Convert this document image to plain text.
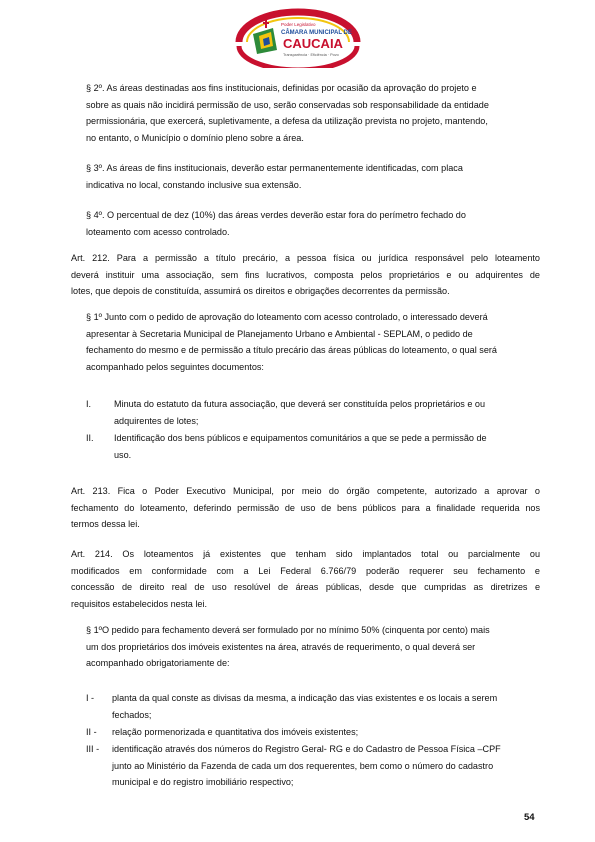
Poder Legislativo
CÂMARA MUNICIPAL DE
CAUCAIA
Transparência · Eficiência · Povo
§ 2º. As áreas destinadas aos fins institucionais, definidas por ocasião da aprovação do projeto e
sobre as quais não incidirá permissão de uso, serão conservadas sob responsabilidade da entidade
permissionária, que exercerá, supletivamente, a defesa da utilização prevista no projeto, mantendo,
no entanto, o Município o domínio pleno sobre a área.
§ 3º. As áreas de fins institucionais, deverão estar permanentemente identificadas, com placa
indicativa no local, constando inclusive sua extensão.
§ 4º. O percentual de dez (10%) das áreas verdes deverão estar fora do perímetro fechado do
loteamento com acesso controlado.
Art. 212. Para a permissão a título precário, a pessoa física ou jurídica responsável pelo loteamento
deverá instituir uma associação, sem fins lucrativos, composta pelos proprietários e ou adquirentes de
lotes, que depois de constituída, assumirá os direitos e obrigações decorrentes da permissão.
§ 1º Junto com o pedido de aprovação do loteamento com acesso controlado, o interessado deverá
apresentar à Secretaria Municipal de Planejamento Urbano e Ambiental - SEPLAM, o pedido de
fechamento do mesmo e de permissão a título precário das áreas públicas do loteamento, o qual será
acompanhado pelos seguintes documentos:
I.	Minuta do estatuto da futura associação, que deverá ser constituída pelos proprietários e ou
adquirentes de lotes;
II. Identificação dos bens públicos e equipamentos comunitários a que se pede a permissão de
uso.
Art. 213. Fica o Poder Executivo Municipal, por meio do órgão competente, autorizado a aprovar o
fechamento do loteamento, deferindo permissão de uso de bens públicos para a finalidade requerida nos
termos dessa lei.
Art. 214. Os loteamentos já existentes que tenham sido implantados total ou parcialmente ou
modificados em conformidade com a Lei Federal 6.766/79 poderão requerer seu fechamento e
concessão de direito real de uso resolúvel de áreas públicas, desde que cumpridas as diretrizes e
requisitos estabelecidos nesta lei.
§ 1ºO pedido para fechamento deverá ser formulado por no mínimo 50% (cinquenta por cento) mais
um dos proprietários dos imóveis existentes na área, através de requerimento, o qual deverá ser
acompanhado obrigatoriamente de:
I - planta da qual conste as divisas da mesma, a indicação das vias existentes e os locais a serem
fechados;
II - relação pormenorizada e quantitativa dos imóveis existentes;
III - identificação através dos números do Registro Geral- RG e do Cadastro de Pessoa Física –CPF
junto ao Ministério da Fazenda de cada um dos requerentes, bem como o número do cadastro
municipal e do registro imobiliário respectivo;
54
